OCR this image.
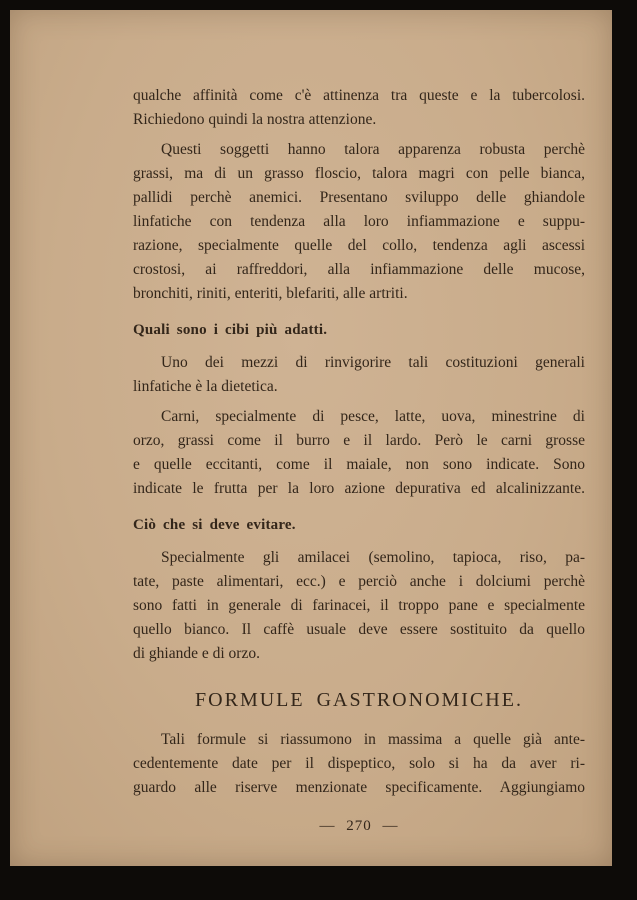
qualche affinità come c'è attinenza tra queste e la tubercolosi.
Richiedono quindi la nostra attenzione.
Questi soggetti hanno talora apparenza robusta perchè
grassi, ma di un grasso floscio, talora magri con pelle bianca,
pallidi perchè anemici. Presentano sviluppo delle ghiandole
linfatiche con tendenza alla loro infiammazione e suppu-
razione, specialmente quelle del collo, tendenza agli ascessi
crostosi, ai raffreddori, alla infiammazione delle mucose,
bronchiti, riniti, enteriti, blefariti, alle artriti.
Quali sono i cibi più adatti.
Uno dei mezzi di rinvigorire tali costituzioni generali
linfatiche è la dietetica.
Carni, specialmente di pesce, latte, uova, minestrine di
orzo, grassi come il burro e il lardo. Però le carni grosse
e quelle eccitanti, come il maiale, non sono indicate. Sono
indicate le frutta per la loro azione depurativa ed alcalinizzante.
Ciò che si deve evitare.
Specialmente gli amilacei (semolino, tapioca, riso, pa-
tate, paste alimentari, ecc.) e perciò anche i dolciumi perchè
sono fatti in generale di farinacei, il troppo pane e specialmente
quello bianco. Il caffè usuale deve essere sostituito da quello
di ghiande e di orzo.
FORMULE GASTRONOMICHE.
Tali formule si riassumono in massima a quelle già ante-
cedentemente date per il dispeptico, solo si ha da aver ri-
guardo alle riserve menzionate specificamente. Aggiungiamo
— 270 —
